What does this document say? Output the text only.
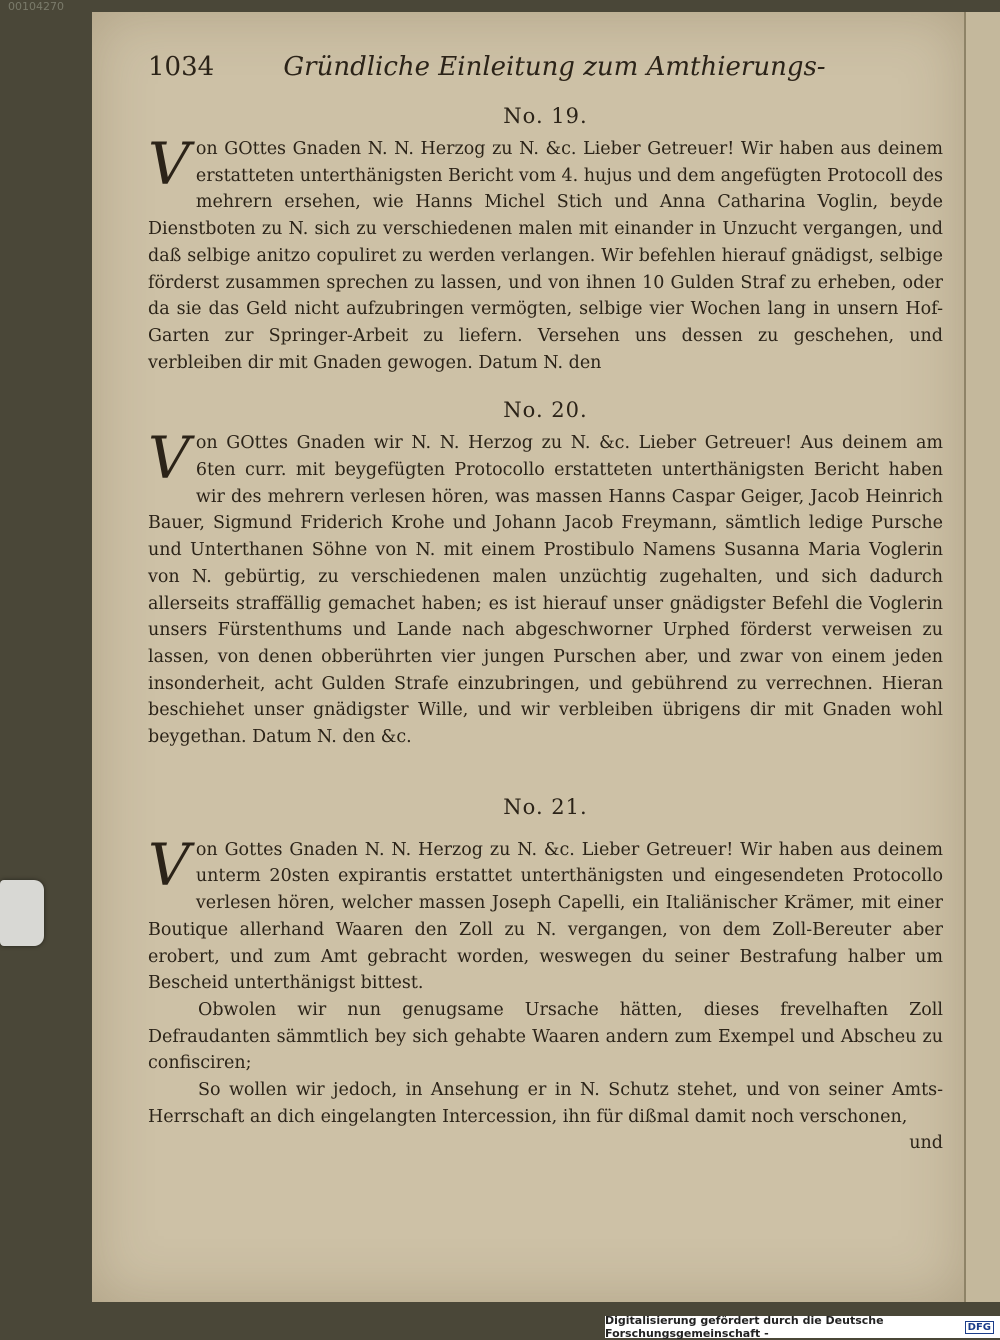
00104270
1034	Gründliche Einleitung zum Amthierungs-
No. 19.

Von GOttes Gnaden N. N. Herzog zu N. &c. Lieber Getreuer! Wir haben aus deinem erstatteten unterthänigsten Bericht vom 4. hujus und dem angefügten Protocoll des mehrern ersehen, wie Hanns Michel Stich und Anna Catharina Voglin, beyde Dienstboten zu N. sich zu verschiedenen malen mit einander in Unzucht vergangen, und daß selbige anitzo copuliret zu werden verlangen. Wir befehlen hierauf gnädigst, selbige förderst zusammen sprechen zu lassen, und von ihnen 10 Gulden Straf zu erheben, oder da sie das Geld nicht aufzubringen vermögten, selbige vier Wochen lang in unsern Hof-Garten zur Springer-Arbeit zu liefern. Versehen uns dessen zu geschehen, und verbleiben dir mit Gnaden gewogen. Datum N. den

No. 20.

Von GOttes Gnaden wir N. N. Herzog zu N. &c. Lieber Getreuer! Aus deinem am 6ten curr. mit beygefügten Protocollo erstatteten unterthänigsten Bericht haben wir des mehrern verlesen hören, was massen Hanns Caspar Geiger, Jacob Heinrich Bauer, Sigmund Friderich Krohe und Johann Jacob Freymann, sämtlich ledige Pursche und Unterthanen Söhne von N. mit einem Prostibulo Namens Susanna Maria Voglerin von N. gebürtig, zu verschiedenen malen unzüchtig zugehalten, und sich dadurch allerseits straffällig gemachet haben; es ist hierauf unser gnädigster Befehl die Voglerin unsers Fürstenthums und Lande nach abgeschworner Urphed förderst verweisen zu lassen, von denen obberührten vier jungen Purschen aber, und zwar von einem jeden insonderheit, acht Gulden Strafe einzubringen, und gebührend zu verrechnen. Hieran beschiehet unser gnädigster Wille, und wir verbleiben übrigens dir mit Gnaden wohl beygethan. Datum N. den &c.

No. 21.

Von Gottes Gnaden N. N. Herzog zu N. &c. Lieber Getreuer! Wir haben aus deinem unterm 20sten expirantis erstattet unterthänigsten und eingesendeten Protocollo verlesen hören, welcher massen Joseph Capelli, ein Italiänischer Krämer, mit einer Boutique allerhand Waaren den Zoll zu N. vergangen, von dem Zoll-Bereuter aber erobert, und zum Amt gebracht worden, weswegen du seiner Bestrafung halber um Bescheid unterthänigst bittest.

Obwolen wir nun genugsame Ursache hätten, dieses frevelhaften Zoll Defraudanten sämmtlich bey sich gehabte Waaren andern zum Exempel und Abscheu zu confisciren;

So wollen wir jedoch, in Ansehung er in N. Schutz stehet, und von seiner Amts-Herrschaft an dich eingelangten Intercession, ihn für dißmal damit noch verschonen,

und
Digitalisierung gefördert durch die Deutsche Forschungsgemeinschaft -	DFG
